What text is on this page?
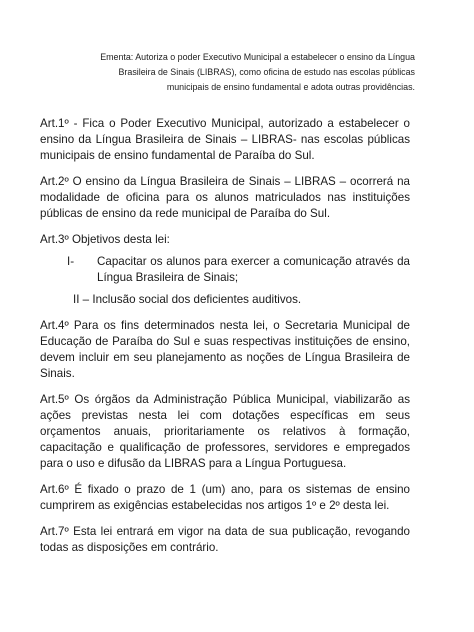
Ementa: Autoriza o poder Executivo Municipal a estabelecer o ensino da Língua Brasileira de Sinais (LIBRAS), como oficina de estudo nas escolas públicas municipais de ensino fundamental e adota outras providências.

Art.1º - Fica o Poder Executivo Municipal, autorizado a estabelecer o ensino da Língua Brasileira de Sinais – LIBRAS- nas escolas públicas municipais de ensino fundamental de Paraíba do Sul.

Art.2º O ensino da Língua Brasileira de Sinais – LIBRAS – ocorrerá na modalidade de oficina para os alunos matriculados nas instituições públicas de ensino da rede municipal de Paraíba do Sul.

Art.3º Objetivos desta lei:

I-	Capacitar os alunos para exercer a comunicação através da Língua Brasileira de Sinais;
II – Inclusão social dos deficientes auditivos.

Art.4º Para os fins determinados nesta lei, o Secretaria Municipal de Educação de Paraíba do Sul e suas respectivas instituições de ensino, devem incluir em seu planejamento as noções de Língua Brasileira de Sinais.

Art.5º Os órgãos da Administração Pública Municipal, viabilizarão as ações previstas nesta lei com dotações específicas em seus orçamentos anuais, prioritariamente os relativos à formação, capacitação e qualificação de professores, servidores e empregados para o uso e difusão da LIBRAS para a Língua Portuguesa.

Art.6º É fixado o prazo de 1 (um) ano, para os sistemas de ensino cumprirem as exigências estabelecidas nos artigos 1º e 2º desta lei.

Art.7º Esta lei entrará em vigor na data de sua publicação, revogando todas as disposições em contrário.
